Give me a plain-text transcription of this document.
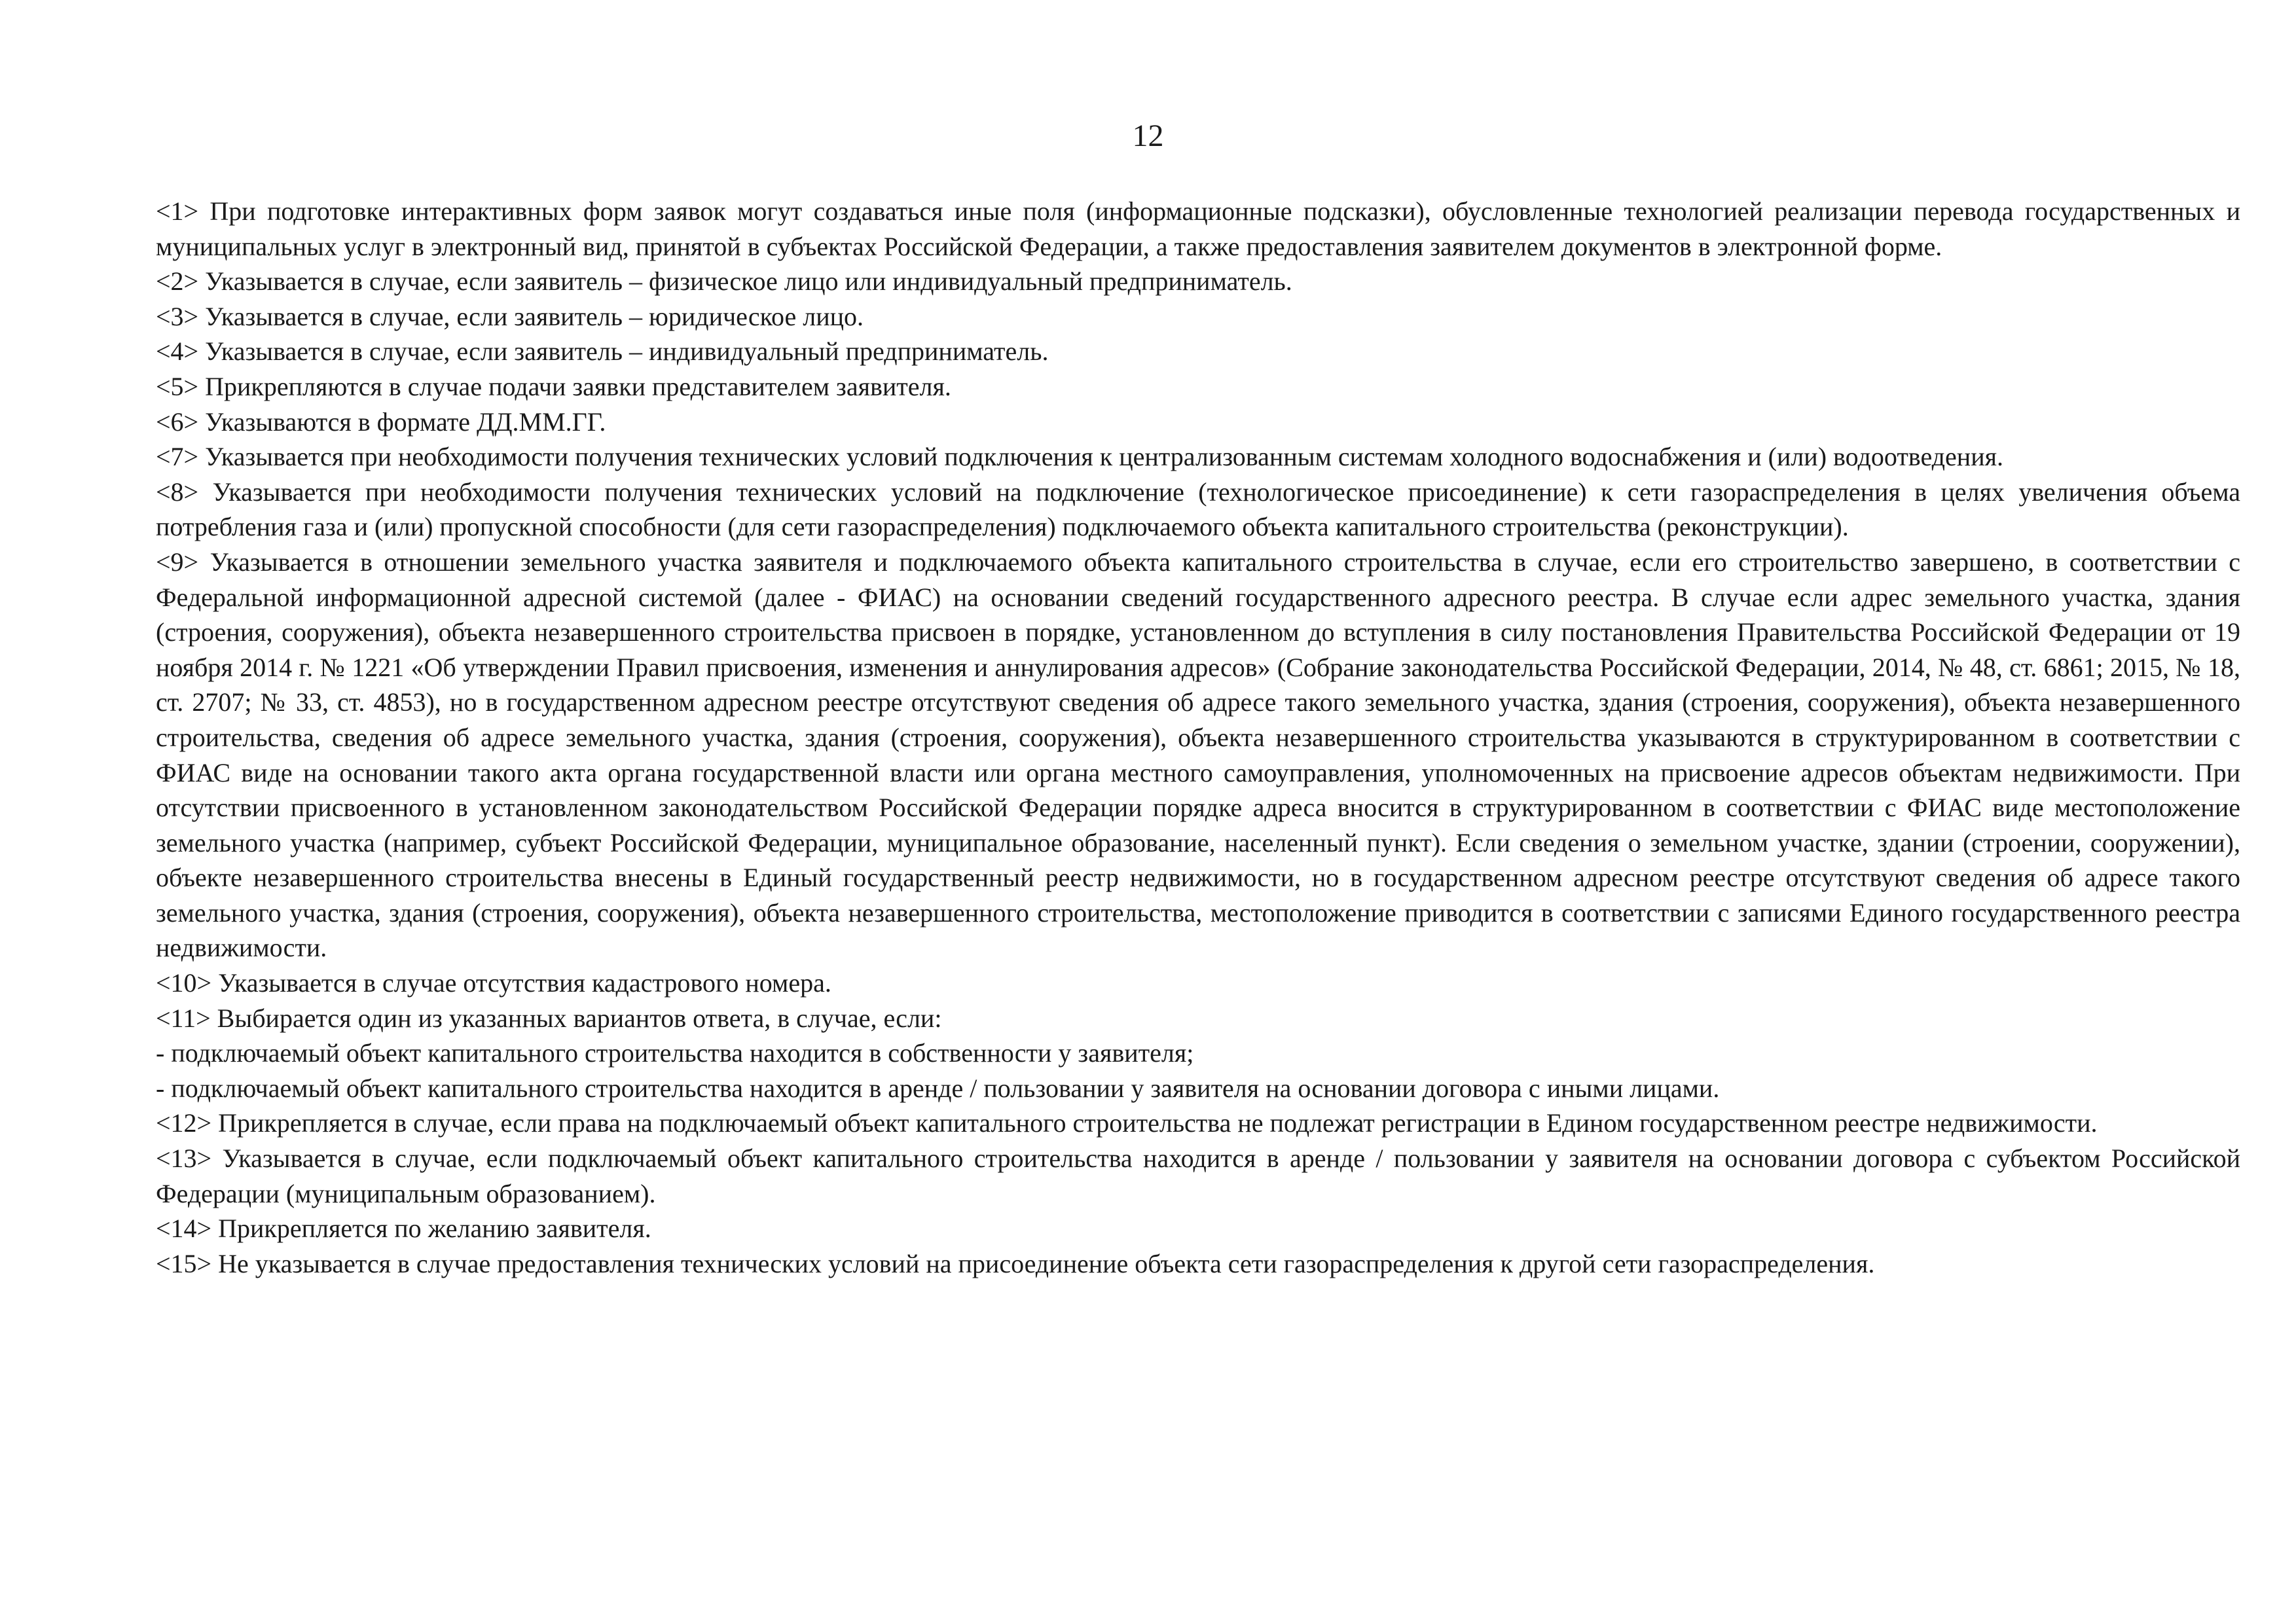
12

<1> При подготовке интерактивных форм заявок могут создаваться иные поля (информационные подсказки), обусловленные технологией реализации перевода государственных и муниципальных услуг в электронный вид, принятой в субъектах Российской Федерации, а также предоставления заявителем документов в электронной форме.

<2> Указывается в случае, если заявитель – физическое лицо или индивидуальный предприниматель.

<3> Указывается в случае, если заявитель – юридическое лицо.

<4> Указывается в случае, если заявитель – индивидуальный предприниматель.

<5> Прикрепляются в случае подачи заявки представителем заявителя.

<6> Указываются в формате ДД.ММ.ГГ.

<7> Указывается при необходимости получения технических условий подключения к централизованным системам холодного водоснабжения и (или) водоотведения.

<8> Указывается при необходимости получения технических условий на подключение (технологическое присоединение) к сети газораспределения в целях увеличения объема потребления газа и (или) пропускной способности (для сети газораспределения) подключаемого объекта капитального строительства (реконструкции).

<9> Указывается в отношении земельного участка заявителя и подключаемого объекта капитального строительства в случае, если его строительство завершено, в соответствии с Федеральной информационной адресной системой (далее - ФИАС) на основании сведений государственного адресного реестра. В случае если адрес земельного участка, здания (строения, сооружения), объекта незавершенного строительства присвоен в порядке, установленном до вступления в силу постановления Правительства Российской Федерации от 19 ноября 2014 г. № 1221 «Об утверждении Правил присвоения, изменения и аннулирования адресов» (Собрание законодательства Российской Федерации, 2014, № 48, ст. 6861; 2015, № 18, ст. 2707; № 33, ст. 4853), но в государственном адресном реестре отсутствуют сведения об адресе такого земельного участка, здания (строения, сооружения), объекта незавершенного строительства, сведения об адресе земельного участка, здания (строения, сооружения), объекта незавершенного строительства указываются в структурированном в соответствии с ФИАС виде на основании такого акта органа государственной власти или органа местного самоуправления, уполномоченных на присвоение адресов объектам недвижимости. При отсутствии присвоенного в установленном законодательством Российской Федерации порядке адреса вносится в структурированном в соответствии с ФИАС виде местоположение земельного участка (например, субъект Российской Федерации, муниципальное образование, населенный пункт). Если сведения о земельном участке, здании (строении, сооружении), объекте незавершенного строительства внесены в Единый государственный реестр недвижимости, но в государственном адресном реестре отсутствуют сведения об адресе такого земельного участка, здания (строения, сооружения), объекта незавершенного строительства, местоположение приводится в соответствии с записями Единого государственного реестра недвижимости.

<10> Указывается в случае отсутствия кадастрового номера.

<11> Выбирается один из указанных вариантов ответа, в случае, если:

- подключаемый объект капитального строительства находится в собственности у заявителя;

- подключаемый объект капитального строительства находится в аренде / пользовании у заявителя на основании договора с иными лицами.

<12> Прикрепляется в случае, если права на подключаемый объект капитального строительства не подлежат регистрации в Едином государственном реестре недвижимости.

<13> Указывается в случае, если подключаемый объект капитального строительства находится в аренде / пользовании у заявителя на основании договора с субъектом Российской Федерации (муниципальным образованием).

<14> Прикрепляется по желанию заявителя.

<15> Не указывается в случае предоставления технических условий на присоединение объекта сети газораспределения к другой сети газораспределения.
